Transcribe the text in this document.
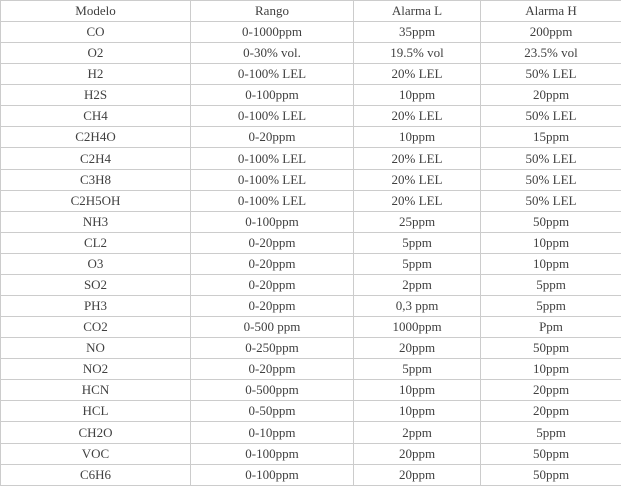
Modelo	Rango	Alarma L	Alarma H
CO	0-1000ppm	35ppm	200ppm
O2	0-30% vol.	19.5% vol	23.5% vol
H2	0-100% LEL	20% LEL	50% LEL
H2S	0-100ppm	10ppm	20ppm
CH4	0-100% LEL	20% LEL	50% LEL
C2H4O	0-20ppm	10ppm	15ppm
C2H4	0-100% LEL	20% LEL	50% LEL
C3H8	0-100% LEL	20% LEL	50% LEL
C2H5OH	0-100% LEL	20% LEL	50% LEL
NH3	0-100ppm	25ppm	50ppm
CL2	0-20ppm	5ppm	10ppm
O3	0-20ppm	5ppm	10ppm
SO2	0-20ppm	2ppm	5ppm
PH3	0-20ppm	0,3 ppm	5ppm
CO2	0-500 ppm	1000ppm	Ppm
NO	0-250ppm	20ppm	50ppm
NO2	0-20ppm	5ppm	10ppm
HCN	0-500ppm	10ppm	20ppm
HCL	0-50ppm	10ppm	20ppm
CH2O	0-10ppm	2ppm	5ppm
VOC	0-100ppm	20ppm	50ppm
C6H6	0-100ppm	20ppm	50ppm
